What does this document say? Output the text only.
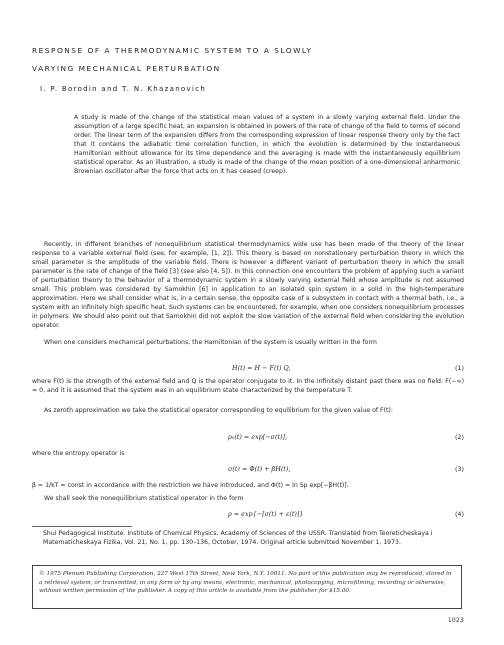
RESPONSE OF A THERMODYNAMIC SYSTEM TO A SLOWLY
VARYING MECHANICAL PERTURBATION
I. P. Borodin and T. N. Khazanovich
A study is made of the change of the statistical mean values of a system in a slowly varying external field. Under the assumption of a large specific heat, an expansion is obtained in powers of the rate of change of the field to terms of second order. The linear term of the expansion differs from the corresponding expression of linear response theory only by the fact that it contains the adiabatic time correlation function, in which the evolution is determined by the instantaneous Hamiltonian without allowance for its time dependence and the averaging is made with the instantaneously equilibrium statistical operator. As an illustration, a study is made of the change of the mean position of a one-dimensional anharmonic Brownian oscillator after the force that acts on it has ceased (creep).
Recently, in different branches of nonequilibrium statistical thermodynamics wide use has been made of the theory of the linear response to a variable external field (see, for example, [1, 2]). This theory is based on nonstationary perturbation theory in which the small parameter is the amplitude of the variable field. There is however a different variant of perturbation theory in which the small parameter is the rate of change of the field [3] (see also [4, 5]). In this connection one encounters the problem of applying such a variant of perturbation theory to the behavior of a thermodynamic system in a slowly varying external field whose amplitude is not assumed small. This problem was considered by Samokhin [6] in application to an isolated spin system in a solid in the high-temperature approximation. Here we shall consider what is, in a certain sense, the opposite case of a subsystem in contact with a thermal bath, i.e., a system with an infinitely high specific heat. Such systems can be encountered, for example, when one considers nonequilibrium processes in polymers. We should also point out that Samokhin did not exploit the slow variation of the external field when considering the evolution operator.
When one considers mechanical perturbations, the Hamiltonian of the system is usually written in the form
H(t) = H − F(t) Q,	(1)
where F(t) is the strength of the external field and Q is the operator conjugate to it. In the infinitely distant past there was no field: F(−∞) = 0, and it is assumed that the system was in an equilibrium state characterized by the temperature T.
As zeroth approximation we take the statistical operator corresponding to equilibrium for the given value of F(t):
ρ₀(t) = exp[−σ(t)],	(2)
where the entropy operator is
σ(t) = Φ(t) + βH(t),	(3)
β = 1/kT = const in accordance with the restriction we have introduced, and Φ(t) = ln Sp exp[−βH(t)].
We shall seek the nonequilibrium statistical operator in the form
ρ = exp{−[σ(t) + ε(t)]}	(4)
Shui Pedagogical Institute. Institute of Chemical Physics, Academy of Sciences of the USSR. Translated from Teoreticheskaya i Matematicheskaya Fizika, Vol. 21, No. 1, pp. 130–136, October, 1974. Original article submitted November 1, 1973.
© 1975 Plenum Publishing Corporation, 227 West 17th Street, New York, N.Y. 10011. No part of this publication may be reproduced, stored in a retrieval system, or transmitted, in any form or by any means, electronic, mechanical, photocopying, microfilming, recording or otherwise, without written permission of the publisher. A copy of this article is available from the publisher for $15.00.
1023
